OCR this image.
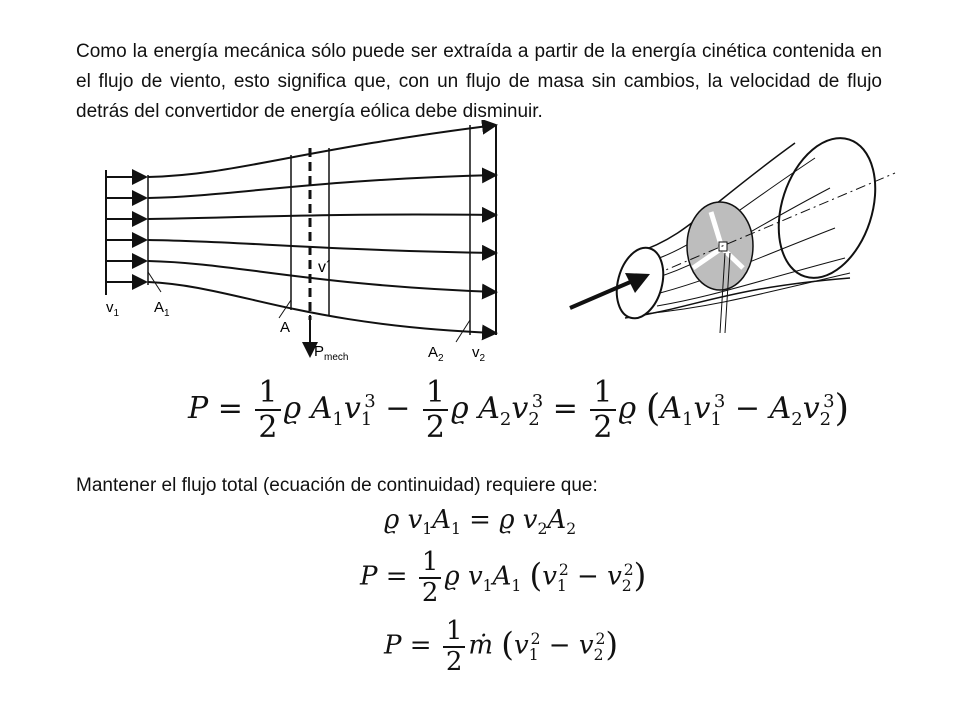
Como la energía mecánica sólo puede ser extraída a partir de la energía cinética contenida en el flujo de viento, esto significa que, con un flujo de masa sin cambios, la velocidad de flujo detrás del convertidor de energía eólica debe disminuir.

$v_1$ $A_1$
v´
A
$P_{mech}$	$A_2$ $v_2$
$P = \frac{1}{2}$ ϱ $A_1v_1^3 - \frac{1}{2}$ ϱ $A_2v_2^3 = \frac{1}{2}$ ϱ $(A_1v_1^3 - A_2v_2^3)$

Mantener el flujo total (ecuación de continuidad) requiere que:

ϱ $v_1A_1 = ϱ$ $v_2A_2$
$P = \frac{1}{2}$ ϱ $v_1A_1$ $(v_1^2 - v_2^2)$
$P = \frac{1}{2}$ ṁ $(v_1^2 - v_2^2)$
